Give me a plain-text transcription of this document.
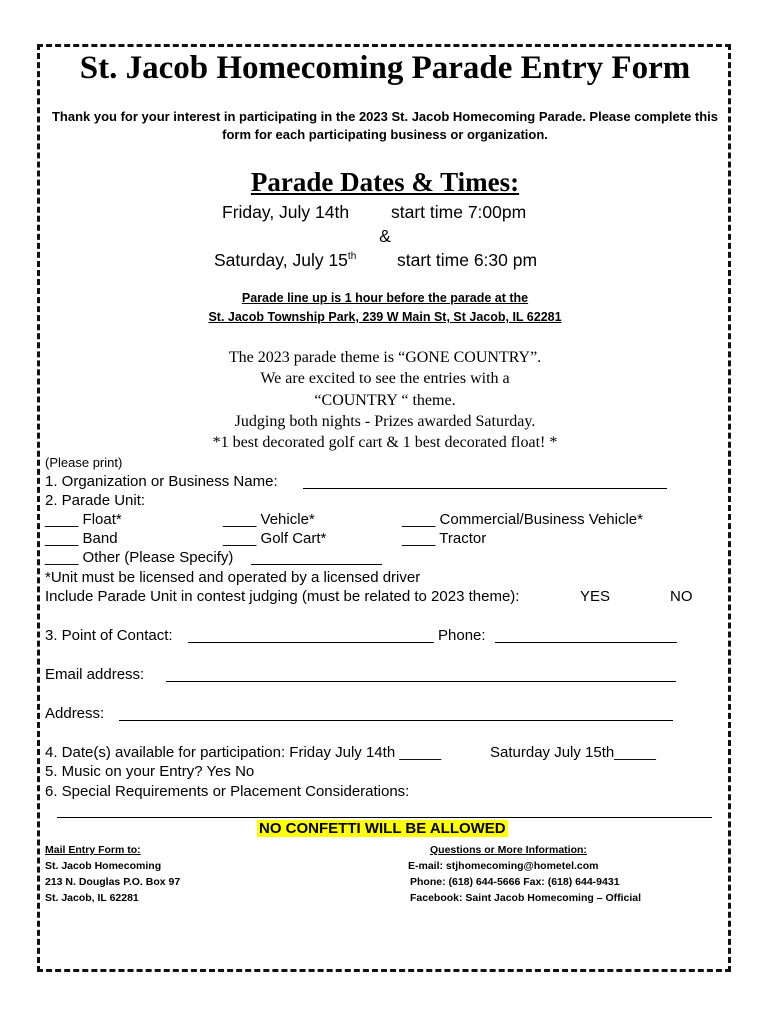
St. Jacob Homecoming Parade Entry Form
Thank you for your interest in participating in the 2023 St. Jacob Homecoming Parade. Please complete this form for each participating business or organization.
Parade Dates & Times:
Friday, July 14th start time 7:00pm
&
Saturday, July 15th start time 6:30 pm
Parade line up is 1 hour before the parade at the
St. Jacob Township Park, 239 W Main St, St Jacob, IL 62281
The 2023 parade theme is “GONE COUNTRY”.
We are excited to see the entries with a
“COUNTRY “ theme.
Judging both nights - Prizes awarded Saturday.
*1 best decorated golf cart & 1 best decorated float! *
(Please print)
1. Organization or Business Name:
2. Parade Unit:
____ Float*	____ Vehicle*	____ Commercial/Business Vehicle*
____ Band	____ Golf Cart*	____ Tractor
____ Other (Please Specify)
*Unit must be licensed and operated by a licensed driver
Include Parade Unit in contest judging (must be related to 2023 theme):	YES	NO
3. Point of Contact:	Phone:
Email address:
Address:
4. Date(s) available for participation: Friday July 14th _____	Saturday July 15th_____
5. Music on your Entry? Yes No
6. Special Requirements or Placement Considerations:
NO CONFETTI WILL BE ALLOWED
Mail Entry Form to:
St. Jacob Homecoming
213 N. Douglas P.O. Box 97
St. Jacob, IL 62281
Questions or More Information:
E-mail: stjhomecoming@hometel.com
Phone: (618) 644-5666 Fax: (618) 644-9431
Facebook: Saint Jacob Homecoming – Official
